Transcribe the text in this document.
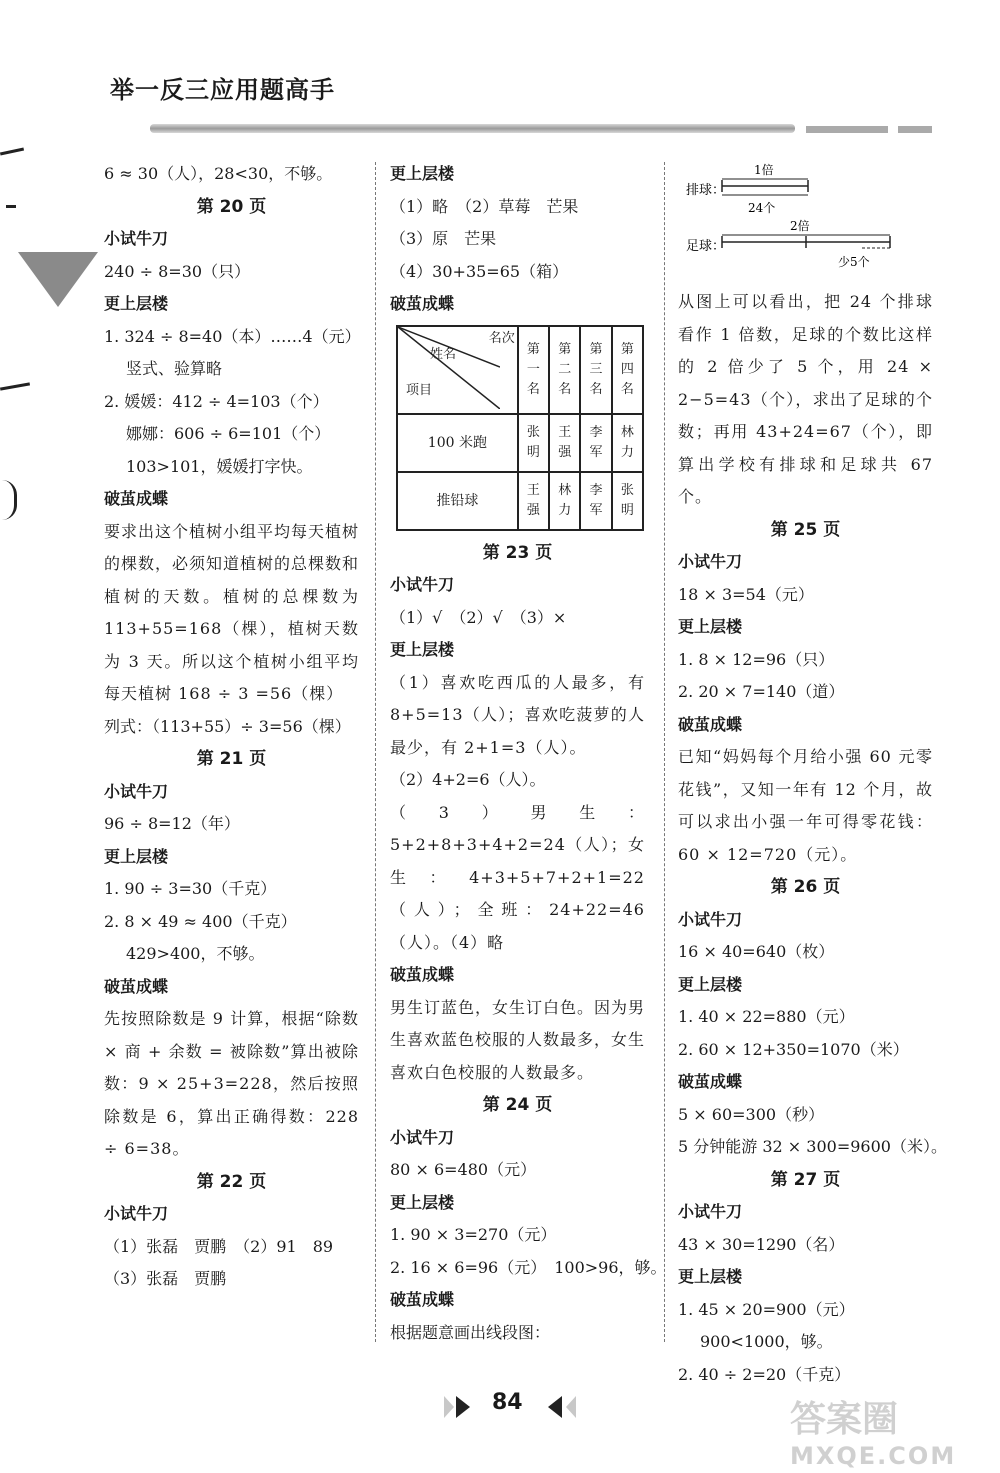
举一反三应用题高手
6 ≈ 30（人），28<30，不够。
第 20 页
小试牛刀
240 ÷ 8=30（只）
更上层楼
1. 324 ÷ 8=40（本）……4（元）
竖式、验算略
2. 媛媛：412 ÷ 4=103（个）
娜娜：606 ÷ 6=101（个）
103>101，媛媛打字快。
破茧成蝶
要求出这个植树小组平均每天植树的棵数，必须知道植树的总棵数和植树的天数。植树的总棵数为 113+55=168（棵），植树天数为 3 天。所以这个植树小组平均每天植树 168 ÷ 3 =56（棵）
列式：（113+55）÷ 3=56（棵）
第 21 页
小试牛刀
96 ÷ 8=12（年）
更上层楼
1. 90 ÷ 3=30（千克）
2. 8 × 49 ≈ 400（千克）
429>400，不够。
破茧成蝶
先按照除数是 9 计算，根据“除数 × 商 + 余数 = 被除数”算出被除数：9 × 25+3=228，然后按照除数是 6，算出正确得数：228 ÷ 6=38。
第 22 页
小试牛刀
（1）张磊　贾鹏　（2）91　89
（3）张磊　贾鹏
更上层楼
（1）略　（2）草莓　芒果
（3）原　芒果
（4）30+35=65（箱）
破茧成蝶
名次
姓名
项目	第一名	第二名	第三名	第四名
100 米跑	张明	王强	李军	林力
推铅球	王强	林力	李军	张明
第 23 页
小试牛刀
（1）√　（2）√　（3）×
更上层楼
（1）喜欢吃西瓜的人最多，有 8+5=13（人）；喜欢吃菠萝的人最少，有 2+1=3（人）。
（2）4+2=6（人）。
（3）男生：5+2+8+3+4+2=24（人）；女生：4+3+5+7+2+1=22（人）；全班：24+22=46（人）。（4）略
破茧成蝶
男生订蓝色，女生订白色。因为男生喜欢蓝色校服的人数最多，女生喜欢白色校服的人数最多。
第 24 页
小试牛刀
80 × 6=480（元）
更上层楼
1. 90 × 3=270（元）
2. 16 × 6=96（元）　100>96，够。
破茧成蝶
根据题意画出线段图：
排球：
1倍
24个
足球：
2倍
少5个
从图上可以看出，把 24 个排球看作 1 倍数，足球的个数比这样的 2 倍少了 5 个，用 24 × 2−5=43（个），求出了足球的个数；再用 43+24=67（个），即算出学校有排球和足球共 67 个。
第 25 页
小试牛刀
18 × 3=54（元）
更上层楼
1. 8 × 12=96（只）
2. 20 × 7=140（道）
破茧成蝶
已知“妈妈每个月给小强 60 元零花钱”，又知一年有 12 个月，故可以求出小强一年可得零花钱：60 × 12=720（元）。
第 26 页
小试牛刀
16 × 40=640（枚）
更上层楼
1. 40 × 22=880（元）
2. 60 × 12+350=1070（米）
破茧成蝶
5 × 60=300（秒）
5 分钟能游 32 × 300=9600（米）。
第 27 页
小试牛刀
43 × 30=1290（名）
更上层楼
1. 45 × 20=900（元）
900<1000，够。
2. 40 ÷ 2=20（千克）
84	答案圈
MXQE.COM
